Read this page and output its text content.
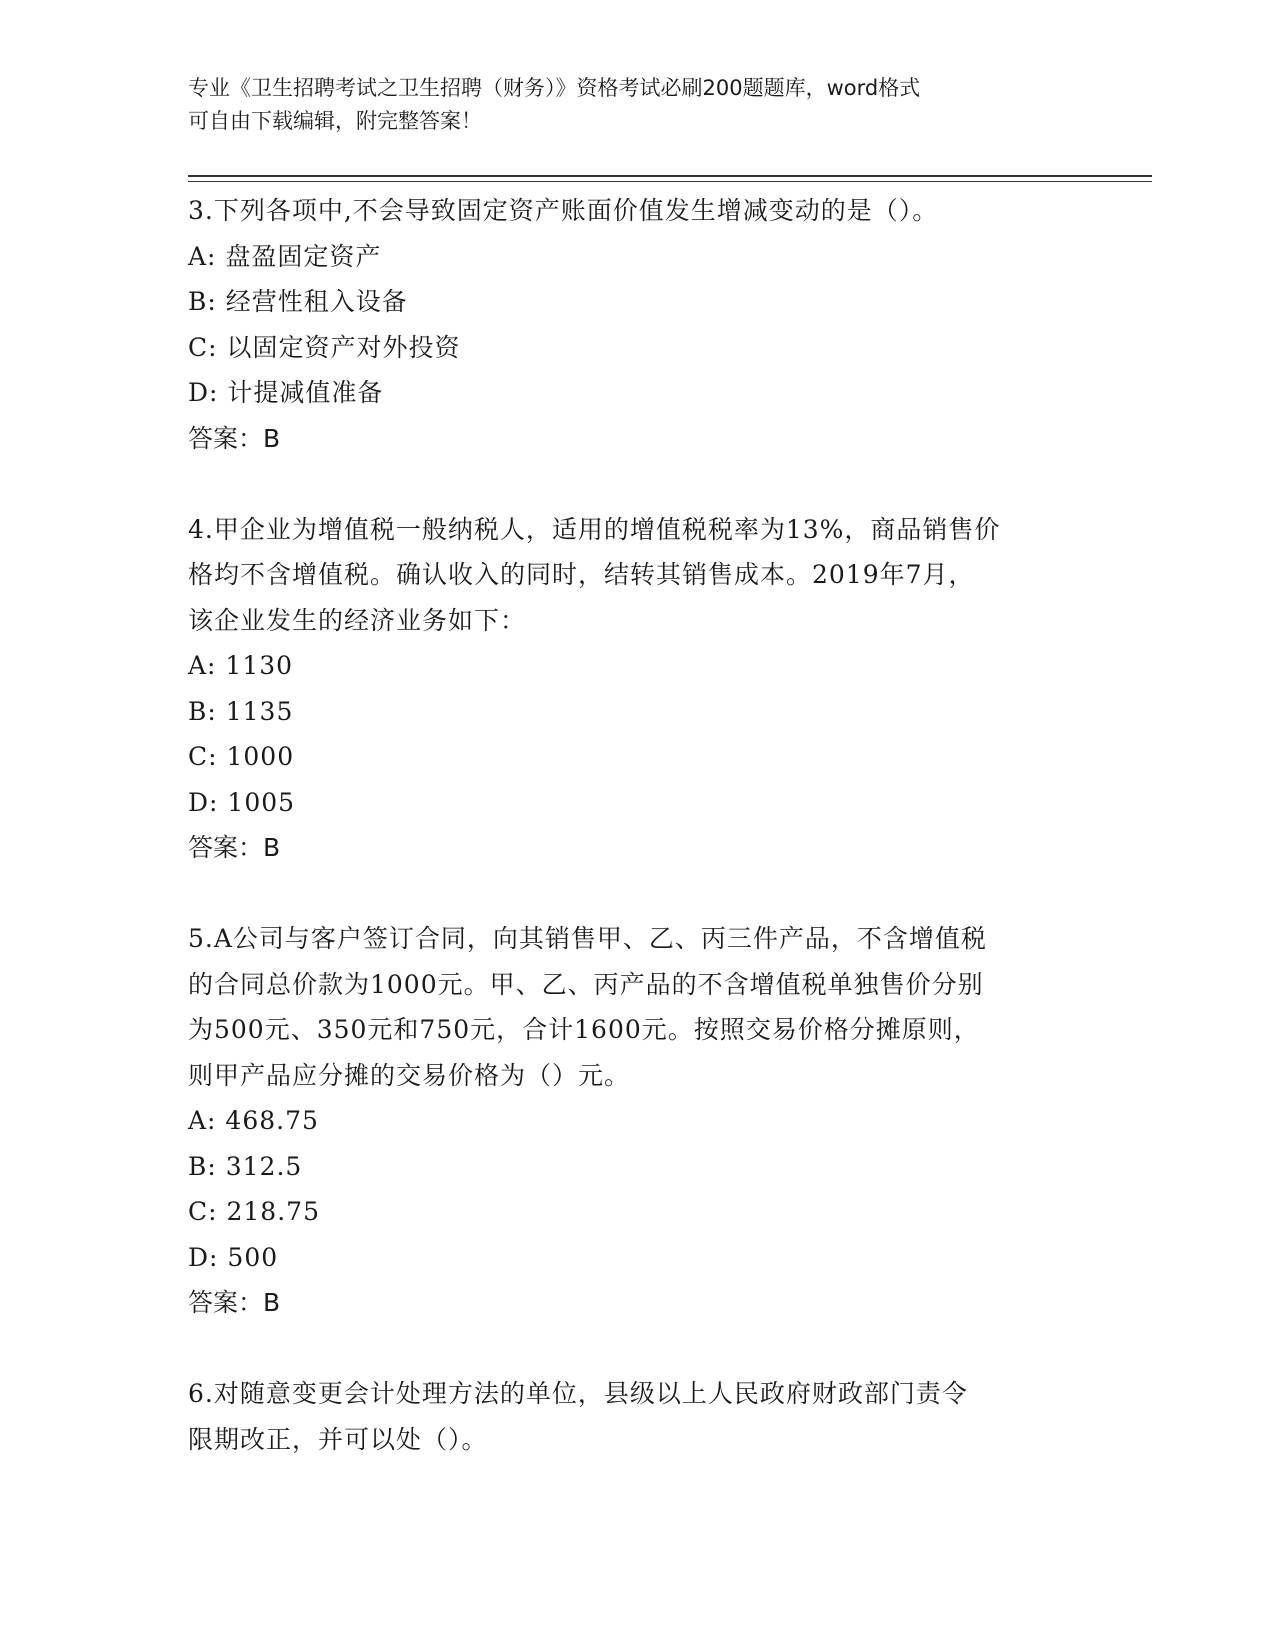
专业《卫生招聘考试之卫生招聘（财务）》资格考试必刷200题题库，word格式
可自由下载编辑，附完整答案！
3.下列各项中,不会导致固定资产账面价值发生增减变动的是（）。
A: 盘盈固定资产
B: 经营性租入设备
C: 以固定资产对外投资
D: 计提减值准备
答案：B
4.甲企业为增值税一般纳税人，适用的增值税税率为13%，商品销售价
格均不含增值税。确认收入的同时，结转其销售成本。2019年7月，
该企业发生的经济业务如下：
A: 1130
B: 1135
C: 1000
D: 1005
答案：B
5.A公司与客户签订合同，向其销售甲、乙、丙三件产品，不含增值税
的合同总价款为1000元。甲、乙、丙产品的不含增值税单独售价分别
为500元、350元和750元，合计1600元。按照交易价格分摊原则，
则甲产品应分摊的交易价格为（）元。
A: 468.75
B: 312.5
C: 218.75
D: 500
答案：B
6.对随意变更会计处理方法的单位，县级以上人民政府财政部门责令
限期改正，并可以处（）。
